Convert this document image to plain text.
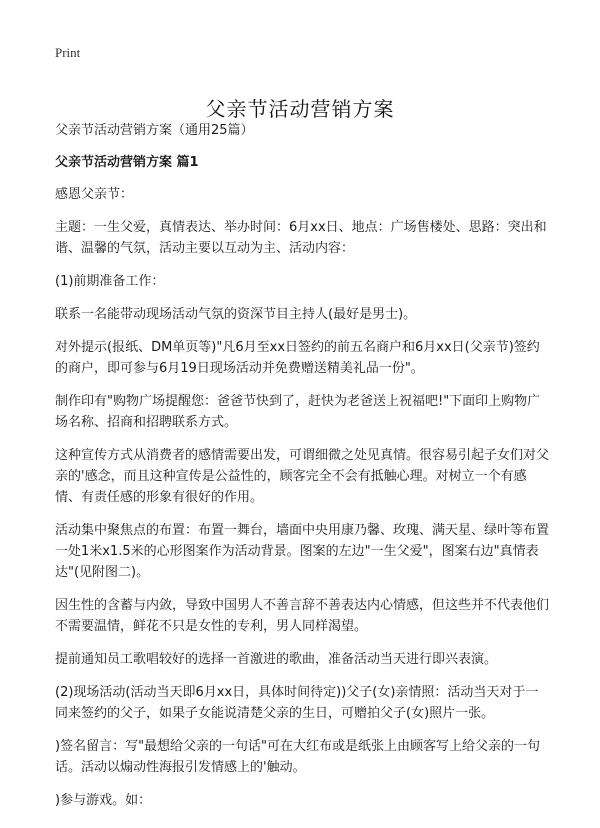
Print
父亲节活动营销方案

父亲节活动营销方案（通用25篇）

父亲节活动营销方案 篇1

感恩父亲节：

主题：一生父爱，真情表达、举办时间：6月xx日、地点：广场售楼处、思路：突出和谐、温馨的气氛，活动主要以互动为主、活动内容：

(1)前期准备工作：

联系一名能带动现场活动气氛的资深节目主持人(最好是男士)。

对外提示(报纸、DM单页等)"凡6月至xx日签约的前五名商户和6月xx日(父亲节)签约的商户，即可参与6月19日现场活动并免费赠送精美礼品一份"。

制作印有"购物广场提醒您：爸爸节快到了，赶快为老爸送上祝福吧!"下面印上购物广场名称、招商和招聘联系方式。

这种宣传方式从消费者的感情需要出发，可谓细微之处见真情。很容易引起子女们对父亲的'感念，而且这种宣传是公益性的，顾客完全不会有抵触心理。对树立一个有感情、有责任感的形象有很好的作用。

活动集中聚焦点的布置：布置一舞台，墙面中央用康乃馨、玫瑰、满天星、绿叶等布置一处1米x1.5米的心形图案作为活动背景。图案的左边"一生父爱"，图案右边"真情表达"(见附图二)。

因生性的含蓄与内敛，导致中国男人不善言辞不善表达内心情感，但这些并不代表他们不需要温情，鲜花不只是女性的专利，男人同样渴望。

提前通知员工歌唱较好的选择一首激进的歌曲，准备活动当天进行即兴表演。

(2)现场活动(活动当天即6月xx日，具体时间待定))父子(女)亲情照：活动当天对于一同来签约的父子，如果子女能说清楚父亲的生日，可赠拍父子(女)照片一张。

)签名留言：写"最想给父亲的一句话"可在大红布或是纸张上由顾客写上给父亲的一句话。活动以煽动性海报引发情感上的'触动。

)参与游戏。如：
